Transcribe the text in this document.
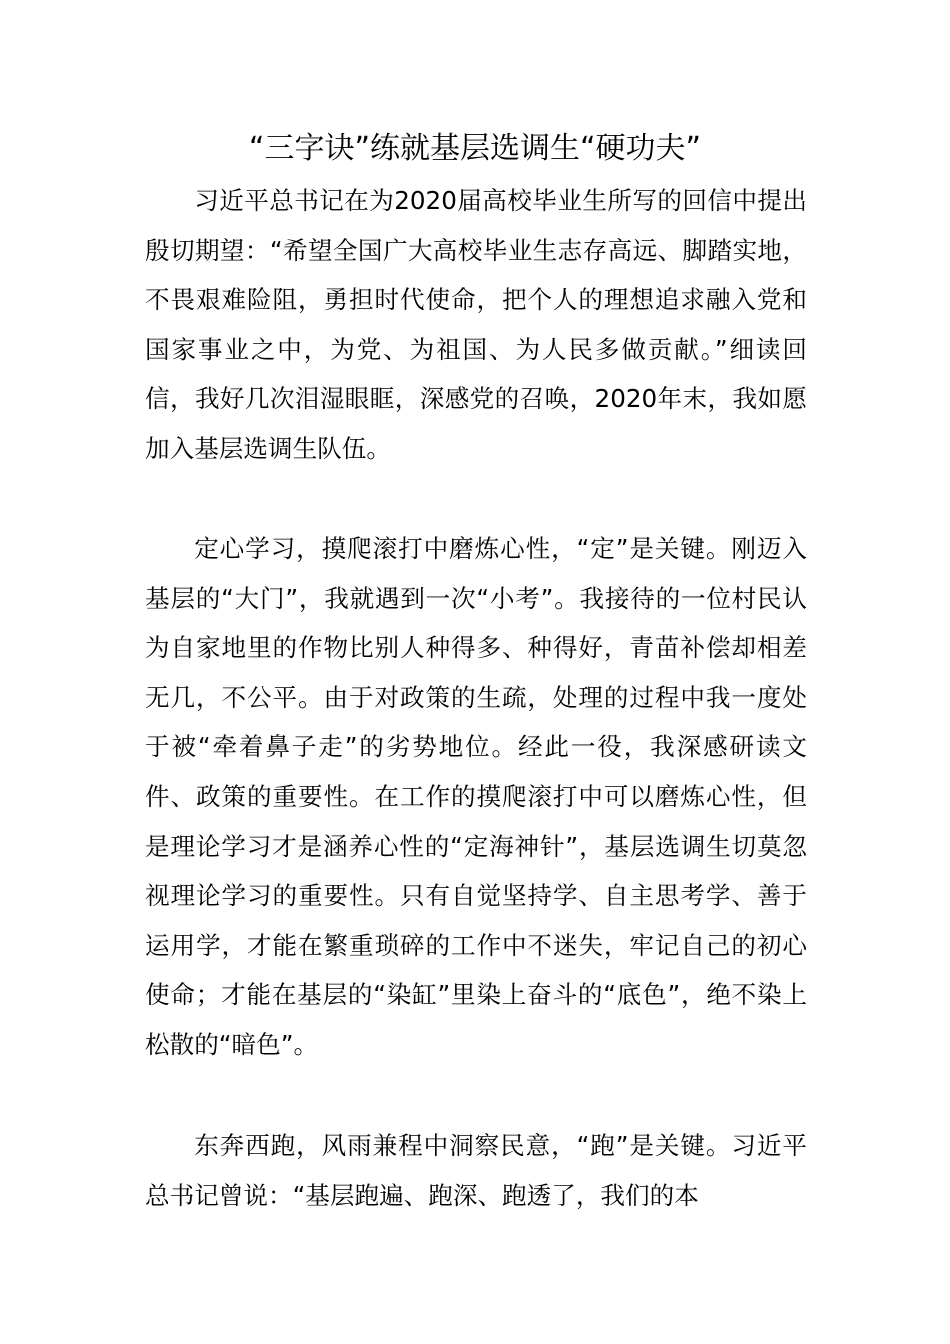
“三字诀”练就基层选调生“硬功夫”

习近平总书记在为2020届高校毕业生所写的回信中提出殷切期望：“希望全国广大高校毕业生志存高远、脚踏实地，不畏艰难险阻，勇担时代使命，把个人的理想追求融入党和国家事业之中，为党、为祖国、为人民多做贡献。”细读回信，我好几次泪湿眼眶，深感党的召唤，2020年末，我如愿加入基层选调生队伍。

定心学习，摸爬滚打中磨炼心性，“定”是关键。刚迈入基层的“大门”，我就遇到一次“小考”。我接待的一位村民认为自家地里的作物比别人种得多、种得好，青苗补偿却相差无几，不公平。由于对政策的生疏，处理的过程中我一度处于被“牵着鼻子走”的劣势地位。经此一役，我深感研读文件、政策的重要性。在工作的摸爬滚打中可以磨炼心性，但是理论学习才是涵养心性的“定海神针”，基层选调生切莫忽视理论学习的重要性。只有自觉坚持学、自主思考学、善于运用学，才能在繁重琐碎的工作中不迷失，牢记自己的初心使命；才能在基层的“染缸”里染上奋斗的“底色”，绝不染上松散的“暗色”。

东奔西跑，风雨兼程中洞察民意，“跑”是关键。习近平总书记曾说：“基层跑遍、跑深、跑透了，我们的本
